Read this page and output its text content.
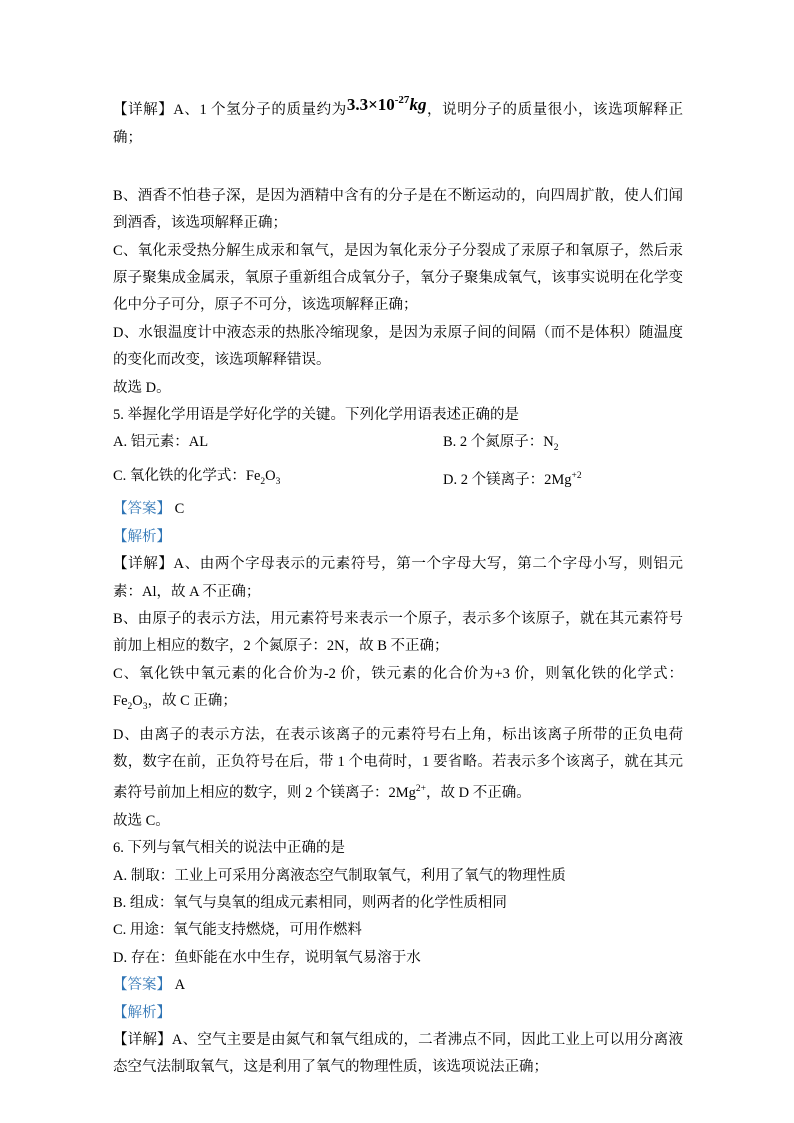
【详解】A、1 个氢分子的质量约为$3.3\times 10^{-27}kg$，说明分子的质量很小，该选项解释正确；
B、酒香不怕巷子深，是因为酒精中含有的分子是在不断运动的，向四周扩散，使人们闻到酒香，该选项解释正确；
C、氧化汞受热分解生成汞和氧气，是因为氧化汞分子分裂成了汞原子和氧原子，然后汞原子聚集成金属汞，氧原子重新组合成氧分子，氧分子聚集成氧气，该事实说明在化学变化中分子可分，原子不可分，该选项解释正确；
D、水银温度计中液态汞的热胀冷缩现象，是因为汞原子间的间隔（而不是体积）随温度的变化而改变，该选项解释错误。
故选 D。
5. 举握化学用语是学好化学的关键。下列化学用语表述正确的是
A. 铝元素：AL	B. 2 个氮原子：$N_2$
C. 氧化铁的化学式：$Fe_2O_3$	D. 2 个镁离子：$2Mg^{+2}$
【答案】 C
【解析】
【详解】A、由两个字母表示的元素符号，第一个字母大写，第二个字母小写，则铝元素：Al，故 A 不正确；
B、由原子的表示方法，用元素符号来表示一个原子，表示多个该原子，就在其元素符号前加上相应的数字，2 个氮原子：2N，故 B 不正确；
C、氧化铁中氧元素的化合价为-2 价，铁元素的化合价为+3 价，则氧化铁的化学式：$Fe_2O_3$，故 C 正确；
D、由离子的表示方法，在表示该离子的元素符号右上角，标出该离子所带的正负电荷数，数字在前，正负符号在后，带 1 个电荷时，1 要省略。若表示多个该离子，就在其元素符号前加上相应的数字，则 2 个镁离子：$2Mg^{2+}$，故 D 不正确。
故选 C。
6. 下列与氧气相关的说法中正确的是
A. 制取：工业上可采用分离液态空气制取氧气，利用了氧气的物理性质
B. 组成：氧气与臭氧的组成元素相同，则两者的化学性质相同
C. 用途：氧气能支持燃烧，可用作燃料
D. 存在：鱼虾能在水中生存，说明氧气易溶于水
【答案】 A
【解析】
【详解】A、空气主要是由氮气和氧气组成的，二者沸点不同，因此工业上可以用分离液态空气法制取氧气，这是利用了氧气的物理性质，该选项说法正确；
